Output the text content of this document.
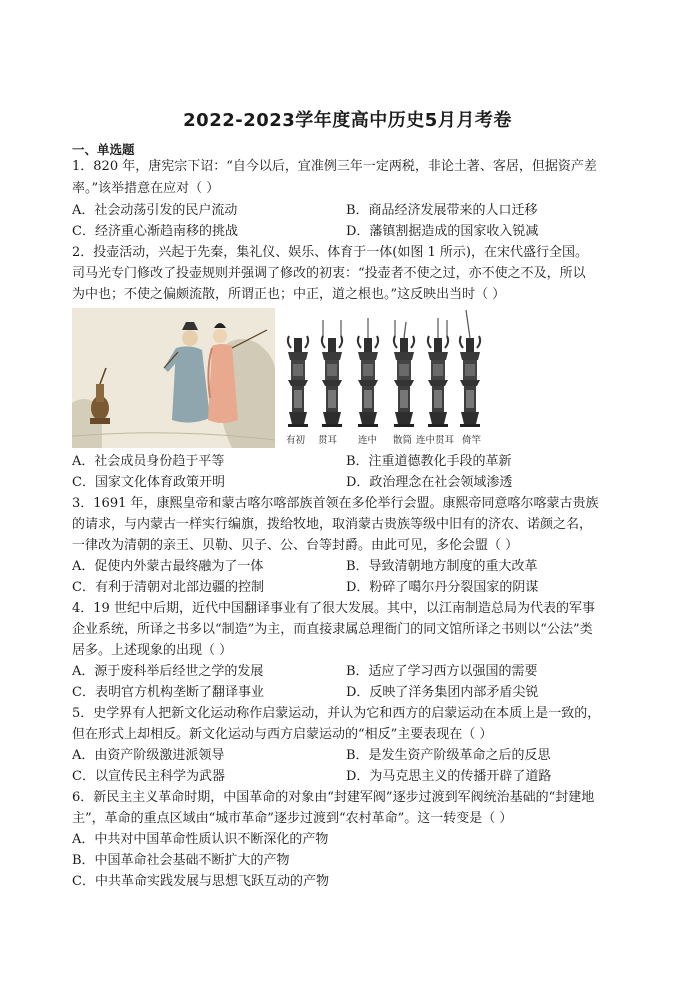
2022-2023学年度高中历史5月月考卷
一、单选题
1．820 年，唐宪宗下诏：“自今以后，宜准例三年一定两税，非论土著、客居，但据资产差
率。”该举措意在应对（ ）
A．社会动荡引发的民户流动	B．商品经济发展带来的人口迁移
C．经济重心渐趋南移的挑战	D．藩镇割据造成的国家收入锐减
2．投壶活动，兴起于先秦，集礼仪、娱乐、体育于一体(如图 1 所示)，在宋代盛行全国。
司马光专门修改了投壶规则并强调了修改的初衷：“投壶者不使之过，亦不使之不及，所以
为中也；不使之偏颇流散，所谓正也；中正，道之根也。”这反映出当时（ ）
有初 贯耳 连中 散筒 连中贯耳 倚竿
A．社会成员身份趋于平等	B．注重道德教化手段的革新
C．国家文化体育政策开明	D．政治理念在社会领域渗透
3．1691 年，康熙皇帝和蒙古喀尔喀部族首领在多伦举行会盟。康熙帝同意喀尔喀蒙古贵族
的请求，与内蒙古一样实行编旗，拨给牧地，取消蒙古贵族等级中旧有的济农、诺颜之名，
一律改为清朝的亲王、贝勒、贝子、公、台等封爵。由此可见，多伦会盟（ ）
A．促使内外蒙古最终融为了一体	B．导致清朝地方制度的重大改革
C．有利于清朝对北部边疆的控制	D．粉碎了噶尔丹分裂国家的阴谋
4．19 世纪中后期，近代中国翻译事业有了很大发展。其中，以江南制造总局为代表的军事
企业系统，所译之书多以“制造”为主，而直接隶属总理衙门的同文馆所译之书则以“公法”类
居多。上述现象的出现（ ）
A．源于废科举后经世之学的发展	B．适应了学习西方以强国的需要
C．表明官方机构垄断了翻译事业	D．反映了洋务集团内部矛盾尖锐
5．史学界有人把新文化运动称作启蒙运动，并认为它和西方的启蒙运动在本质上是一致的，
但在形式上却相反。新文化运动与西方启蒙运动的“相反”主要表现在（ ）
A．由资产阶级激进派领导	B．是发生资产阶级革命之后的反思
C．以宣传民主科学为武器	D．为马克思主义的传播开辟了道路
6．新民主主义革命时期，中国革命的对象由“封建军阀”逐步过渡到军阀统治基础的“封建地
主”，革命的重点区域由“城市革命”逐步过渡到“农村革命”。这一转变是（ ）
A．中共对中国革命性质认识不断深化的产物
B．中国革命社会基础不断扩大的产物
C．中共革命实践发展与思想飞跃互动的产物
